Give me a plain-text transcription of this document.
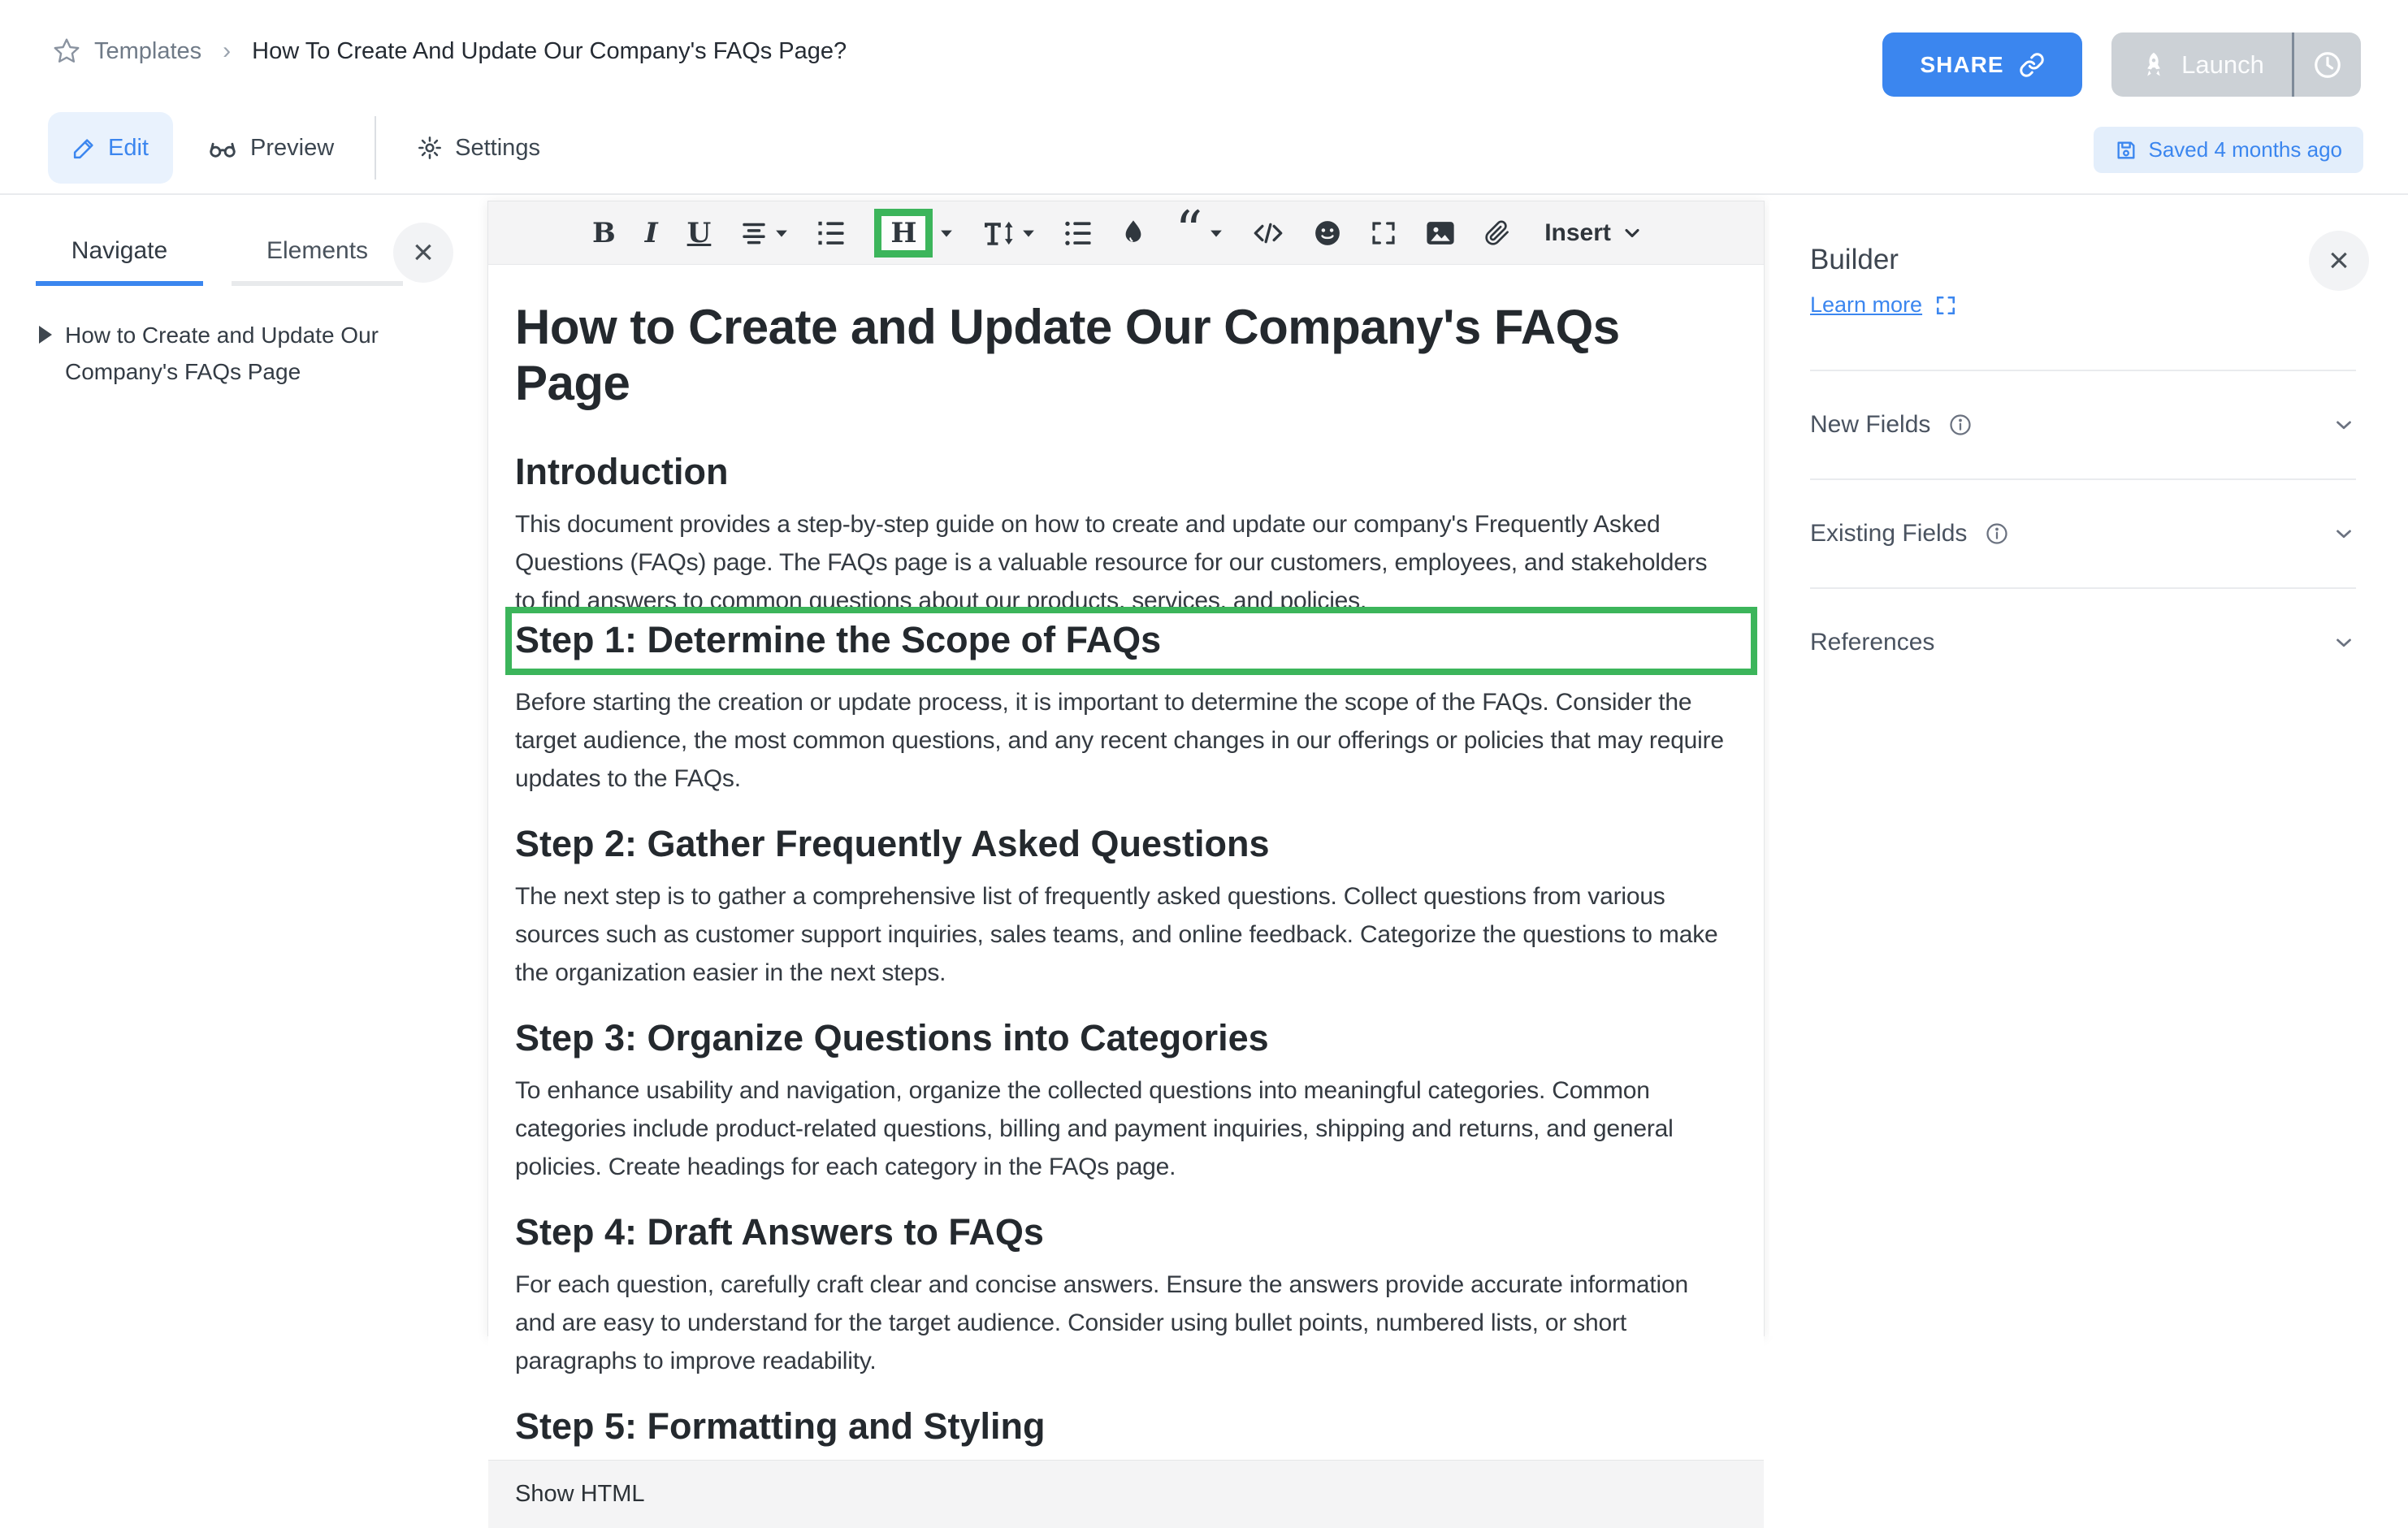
Templates › How To Create And Update Our Company's FAQs Page?
SHARE	Launch
Edit	Preview	Settings	Saved 4 months ago
Navigate	Elements	×
How to Create and Update Our Company's FAQs Page
B I U	H	“	Insert
How to Create and Update Our Company's FAQs Page
Introduction

This document provides a step-by-step guide on how to create and update our company's Frequently Asked Questions (FAQs) page. The FAQs page is a valuable resource for our customers, employees, and stakeholders to find answers to common questions about our products, services, and policies.

Step 1: Determine the Scope of FAQs

Before starting the creation or update process, it is important to determine the scope of the FAQs. Consider the target audience, the most common questions, and any recent changes in our offerings or policies that may require updates to the FAQs.

Step 2: Gather Frequently Asked Questions

The next step is to gather a comprehensive list of frequently asked questions. Collect questions from various sources such as customer support inquiries, sales teams, and online feedback. Categorize the questions to make the organization easier in the next steps.

Step 3: Organize Questions into Categories

To enhance usability and navigation, organize the collected questions into meaningful categories. Common categories include product-related questions, billing and payment inquiries, shipping and returns, and general policies. Create headings for each category in the FAQs page.

Step 4: Draft Answers to FAQs

For each question, carefully craft clear and concise answers. Ensure the answers provide accurate information and are easy to understand for the target audience. Consider using bullet points, numbered lists, or short paragraphs to improve readability.

Step 5: Formatting and Styling
Show HTML
×
Builder
Learn more
New Fields
Existing Fields
References
